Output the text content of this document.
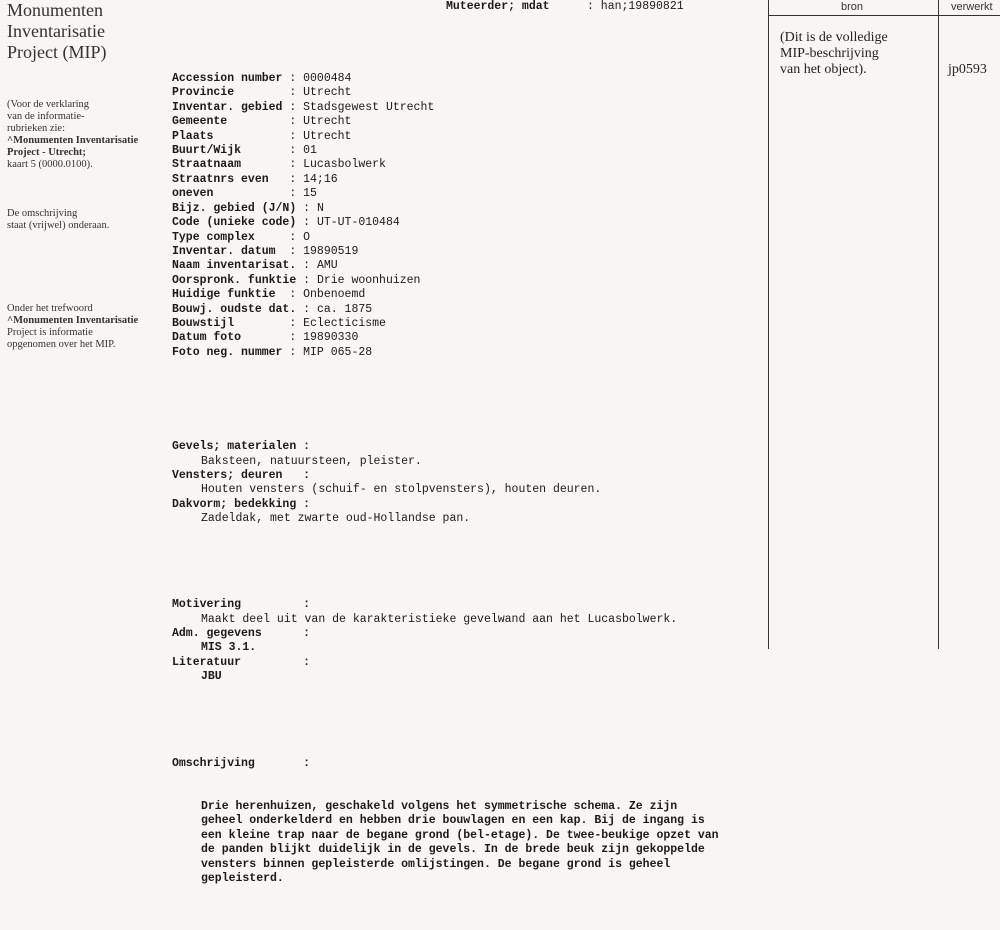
Monumenten
Inventarisatie
Project (MIP)
(Voor de verklaring
van de informatie-
rubrieken zie:
^Monumenten Inventarisatie
Project - Utrecht;
kaart 5 (0000.0100).
De omschrijving
staat (vrijwel) onderaan.
Onder het trefwoord
^Monumenten Inventarisatie
Project is informatie
opgenomen over het MIP.

Muteerder; mdat

	: han;19890821

Accession number : 0000484
Provincie        : Utrecht
Inventar. gebied : Stadsgewest Utrecht
Gemeente         : Utrecht
Plaats           : Utrecht
Buurt/Wijk       : 01
Straatnaam       : Lucasbolwerk
Straatnrs even   : 14;16
oneven           : 15
Bijz. gebied (J/N) : N
Code (unieke code) : UT-UT-010484
Type complex     : O
Inventar. datum  : 19890519
Naam inventarisat. : AMU
Oorspronk. funktie : Drie woonhuizen
Huidige funktie  : Onbenoemd
Bouwj. oudste dat. : ca. 1875
Bouwstijl        : Eclecticisme
Datum foto       : 19890330
Foto neg. nummer : MIP 065-28

Gevels; materialen :
Baksteen, natuursteen, pleister.
Vensters; deuren   :
Houten vensters (schuif- en stolpvensters), houten deuren.
Dakvorm; bedekking :
Zadeldak, met zwarte oud-Hollandse pan.

Motivering         :
Maakt deel uit van de karakteristieke gevelwand aan het Lucasbolwerk.
Adm. gegevens      :
MIS 3.1.
Literatuur         :
JBU

Omschrijving       :

Drie herenhuizen, geschakeld volgens het symmetrische schema. Ze zijn
geheel onderkelderd en hebben drie bouwlagen en een kap. Bij de ingang is
een kleine trap naar de begane grond (bel-etage). De twee-beukige opzet van
de panden blijkt duidelijk in de gevels. In de brede beuk zijn gekoppelde
vensters binnen gepleisterde omlijstingen. De begane grond is geheel
gepleisterd.

bron	verwerkt
(Dit is de volledige
MIP-beschrijving
van het object).	jp0593
